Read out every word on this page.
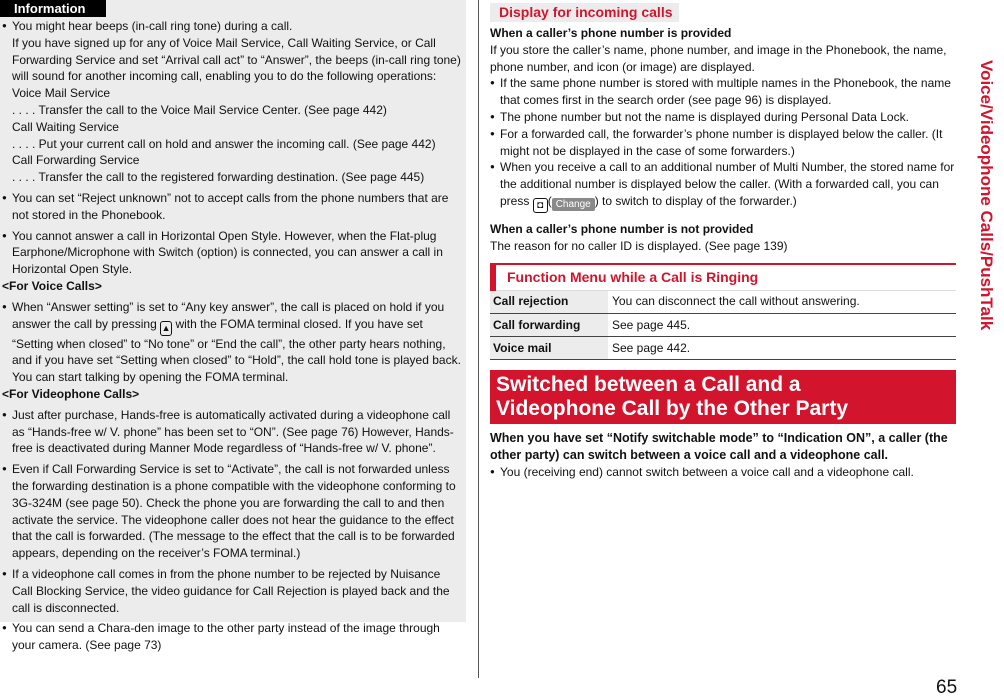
Information

● You might hear beeps (in-call ring tone) during a call.

If you have signed up for any of Voice Mail Service, Call Waiting Service, or Call Forwarding Service and set “Arrival call act” to “Answer”, the beeps (in-call ring tone) will sound for another incoming call, enabling you to do the following operations:

Voice Mail Service

. . . . Transfer the call to the Voice Mail Service Center. (See page 442)

Call Waiting Service

. . . . Put your current call on hold and answer the incoming call. (See page 442)

Call Forwarding Service

. . . . Transfer the call to the registered forwarding destination. (See page 445)

● You can set “Reject unknown” not to accept calls from the phone numbers that are not stored in the Phonebook.

● You cannot answer a call in Horizontal Open Style. However, when the Flat-plug Earphone/Microphone with Switch (option) is connected, you can answer a call in Horizontal Open Style.

<For Voice Calls>

● When “Answer setting” is set to “Any key answer”, the call is placed on hold if you answer the call by pressing ▲ with the FOMA terminal closed. If you have set “Setting when closed” to “No tone” or “End the call”, the other party hears nothing, and if you have set “Setting when closed” to “Hold”, the call hold tone is played back. You can start talking by opening the FOMA terminal.

<For Videophone Calls>

● Just after purchase, Hands-free is automatically activated during a videophone call as “Hands-free w/ V. phone” has been set to “ON”. (See page 76) However, Hands-free is deactivated during Manner Mode regardless of “Hands-free w/ V. phone”.

● Even if Call Forwarding Service is set to “Activate”, the call is not forwarded unless the forwarding destination is a phone compatible with the videophone conforming to 3G-324M (see page 50). Check the phone you are forwarding the call to and then activate the service. The videophone caller does not hear the guidance to the effect that the call is forwarded. (The message to the effect that the call is to be forwarded appears, depending on the receiver’s FOMA terminal.)

● If a videophone call comes in from the phone number to be rejected by Nuisance Call Blocking Service, the video guidance for Call Rejection is played back and the call is disconnected.

● You can send a Chara-den image to the other party instead of the image through your camera. (See page 73)

Display for incoming calls

When a caller’s phone number is provided

If you store the caller’s name, phone number, and image in the Phonebook, the name, phone number, and icon (or image) are displayed.

● If the same phone number is stored with multiple names in the Phonebook, the name that comes first in the search order (see page 96) is displayed.

● The phone number but not the name is displayed during Personal Data Lock.

● For a forwarded call, the forwarder’s phone number is displayed below the caller. (It might not be displayed in the case of some forwarders.)

● When you receive a call to an additional number of Multi Number, the stored name for the additional number is displayed below the caller. (With a forwarded call, you can press ◘ ( Change ) to switch to display of the forwarder.)

When a caller’s phone number is not provided

The reason for no caller ID is displayed. (See page 139)

Function Menu while a Call is Ringing
Call rejection	You can disconnect the call without answering.
Call forwarding	See page 445.
Voice mail	See page 442.
Switched between a Call and a
Videophone Call by the Other Party

When you have set “Notify switchable mode” to “Indication ON”, a caller (the other party) can switch between a voice call and a videophone call.

● You (receiving end) cannot switch between a voice call and a videophone call.

Voice/Videophone Calls/PushTalk
65
